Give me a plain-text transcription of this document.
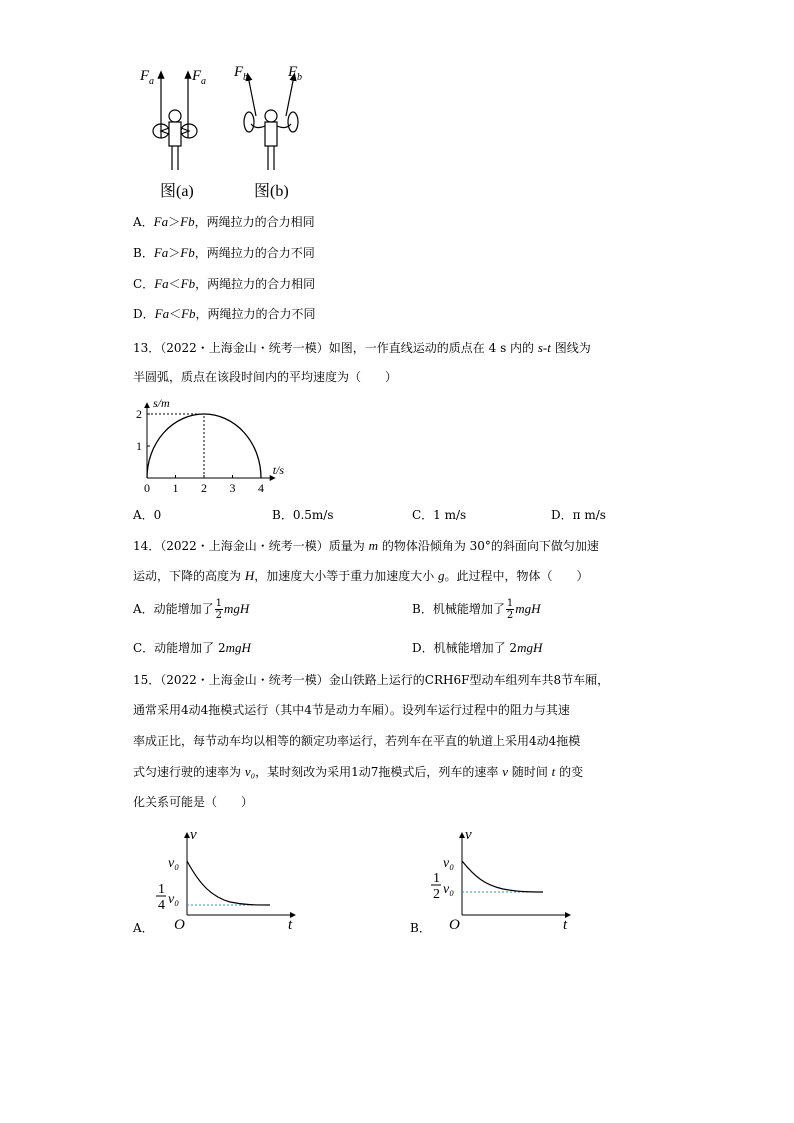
F a	F a
F b	F b
图(a)	图(b)
A．Fa＞Fb，两绳拉力的合力相同
B．Fa＞Fb，两绳拉力的合力不同
C．Fa＜Fb，两绳拉力的合力相同
D．Fa＜Fb，两绳拉力的合力不同
13．（2022・上海金山・统考一模）如图，一作直线运动的质点在 4 s 内的 s-t 图线为
半圆弧，质点在该段时间内的平均速度为（　　）
s/m
t/s
0 1 2 3 4
1
2
A．0	B．0.5m/s	C．1 m/s	D．π m/s
14．（2022・上海金山・统考一模）质量为 m 的物体沿倾角为 30°的斜面向下做匀加速
运动，下降的高度为 H，加速度大小等于重力加速度大小 g。此过程中，物体（　　）
A．动能增加了 $\frac{1}{2}$ mgH	B．机械能增加了 $\frac{1}{2}$ mgH
C．动能增加了 2mgH	D．机械能增加了 2mgH
15．（2022・上海金山・统考一模）金山铁路上运行的CRH6F型动车组列车共8节车厢，
通常采用4动4拖模式运行（其中4节是动力车厢）。设列车运行过程中的阻力与其速
率成正比，每节动车均以相等的额定功率运行，若列车在平直的轨道上采用4动4拖模
式匀速行驶的速率为 v₀，某时刻改为采用1动7拖模式后，列车的速率 v 随时间 t 的变
化关系可能是（　　）
v
t
O
v₀
1
4 v₀
A．
v
t
O
v₀
1
2 v₀
B．
